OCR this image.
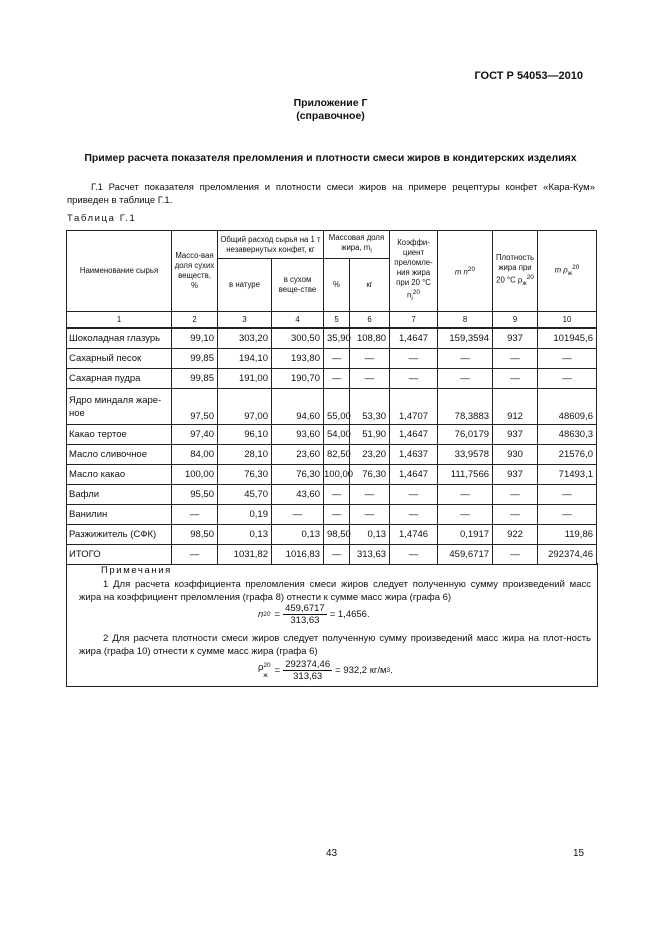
ГОСТ Р 54053—2010
Приложение Г
(справочное)
Пример расчета показателя преломления и плотности смеси жиров в кондитерских изделиях
Г.1 Расчет показателя преломления и плотности смеси жиров на примере рецептуры конфет «Кара-Кум» приведен в таблице Г.1.
Таблица Г.1
Наименование сырья	Массо-вая доля сухих веществ, %	Общий расход сырья на 1 т незавернутых конфет, кг		Массовая доля жира, $m_i$		Коэффи-циент преломле-ния жира при 20 °C $n_i^{20}$	m $n^{20}$	Плотность жира при 20 °C $\rho_ж^{20}$	m $\rho_ж^{20}$
		в натуре	в сухом веще-стве	%	кг				
1	2	3	4	5	6	7	8	9	10
Шоколадная глазурь	99,10	303,20	300,50	35,90	108,80	1,4647	159,3594	937	101945,6
Сахарный песок	99,85	194,10	193,80	—	—	—	—	—	—
Сахарная пудра	99,85	191,00	190,70	—	—	—	—	—	—
Ядро миндаля жаре-ное	97,50	97,00	94,60	55,00	53,30	1,4707	78,3883	912	48609,6
Какао тертое	97,40	96,10	93,60	54,00	51,90	1,4647	76,0179	937	48630,3
Масло сливочное	84,00	28,10	23,60	82,50	23,20	1,4637	33,9578	930	21576,0
Масло какао	100,00	76,30	76,30	100,00	76,30	1,4647	111,7566	937	71493,1
Вафли	95,50	45,70	43,60	—	—	—	—	—	—
Ванилин	—	0,19	—	—	—	—	—	—	—
Разжижитель (СФК)	98,50	0,13	0,13	98,50	0,13	1,4746	0,1917	922	119,86
ИТОГО	—	1031,82	1016,83	—	313,63	—	459,6717	—	292374,46
Примечания
1 Для расчета коэффициента преломления смеси жиров следует полученную сумму произведений масс жира на коэффициент преломления (графа 8) отнести к сумме масс жира (графа 6)
n $20 = \frac{459,6717}{313,63} = 1,4656$.
2 Для расчета плотности смеси жиров следует полученную сумму произведений масс жира на плот-ность жира (графа 10) отнести к сумме масс жира (графа 6)
ρ 20
$ж = \frac{292374,46}{313,63} = 932,2$ кг/м 3 .
43	15
